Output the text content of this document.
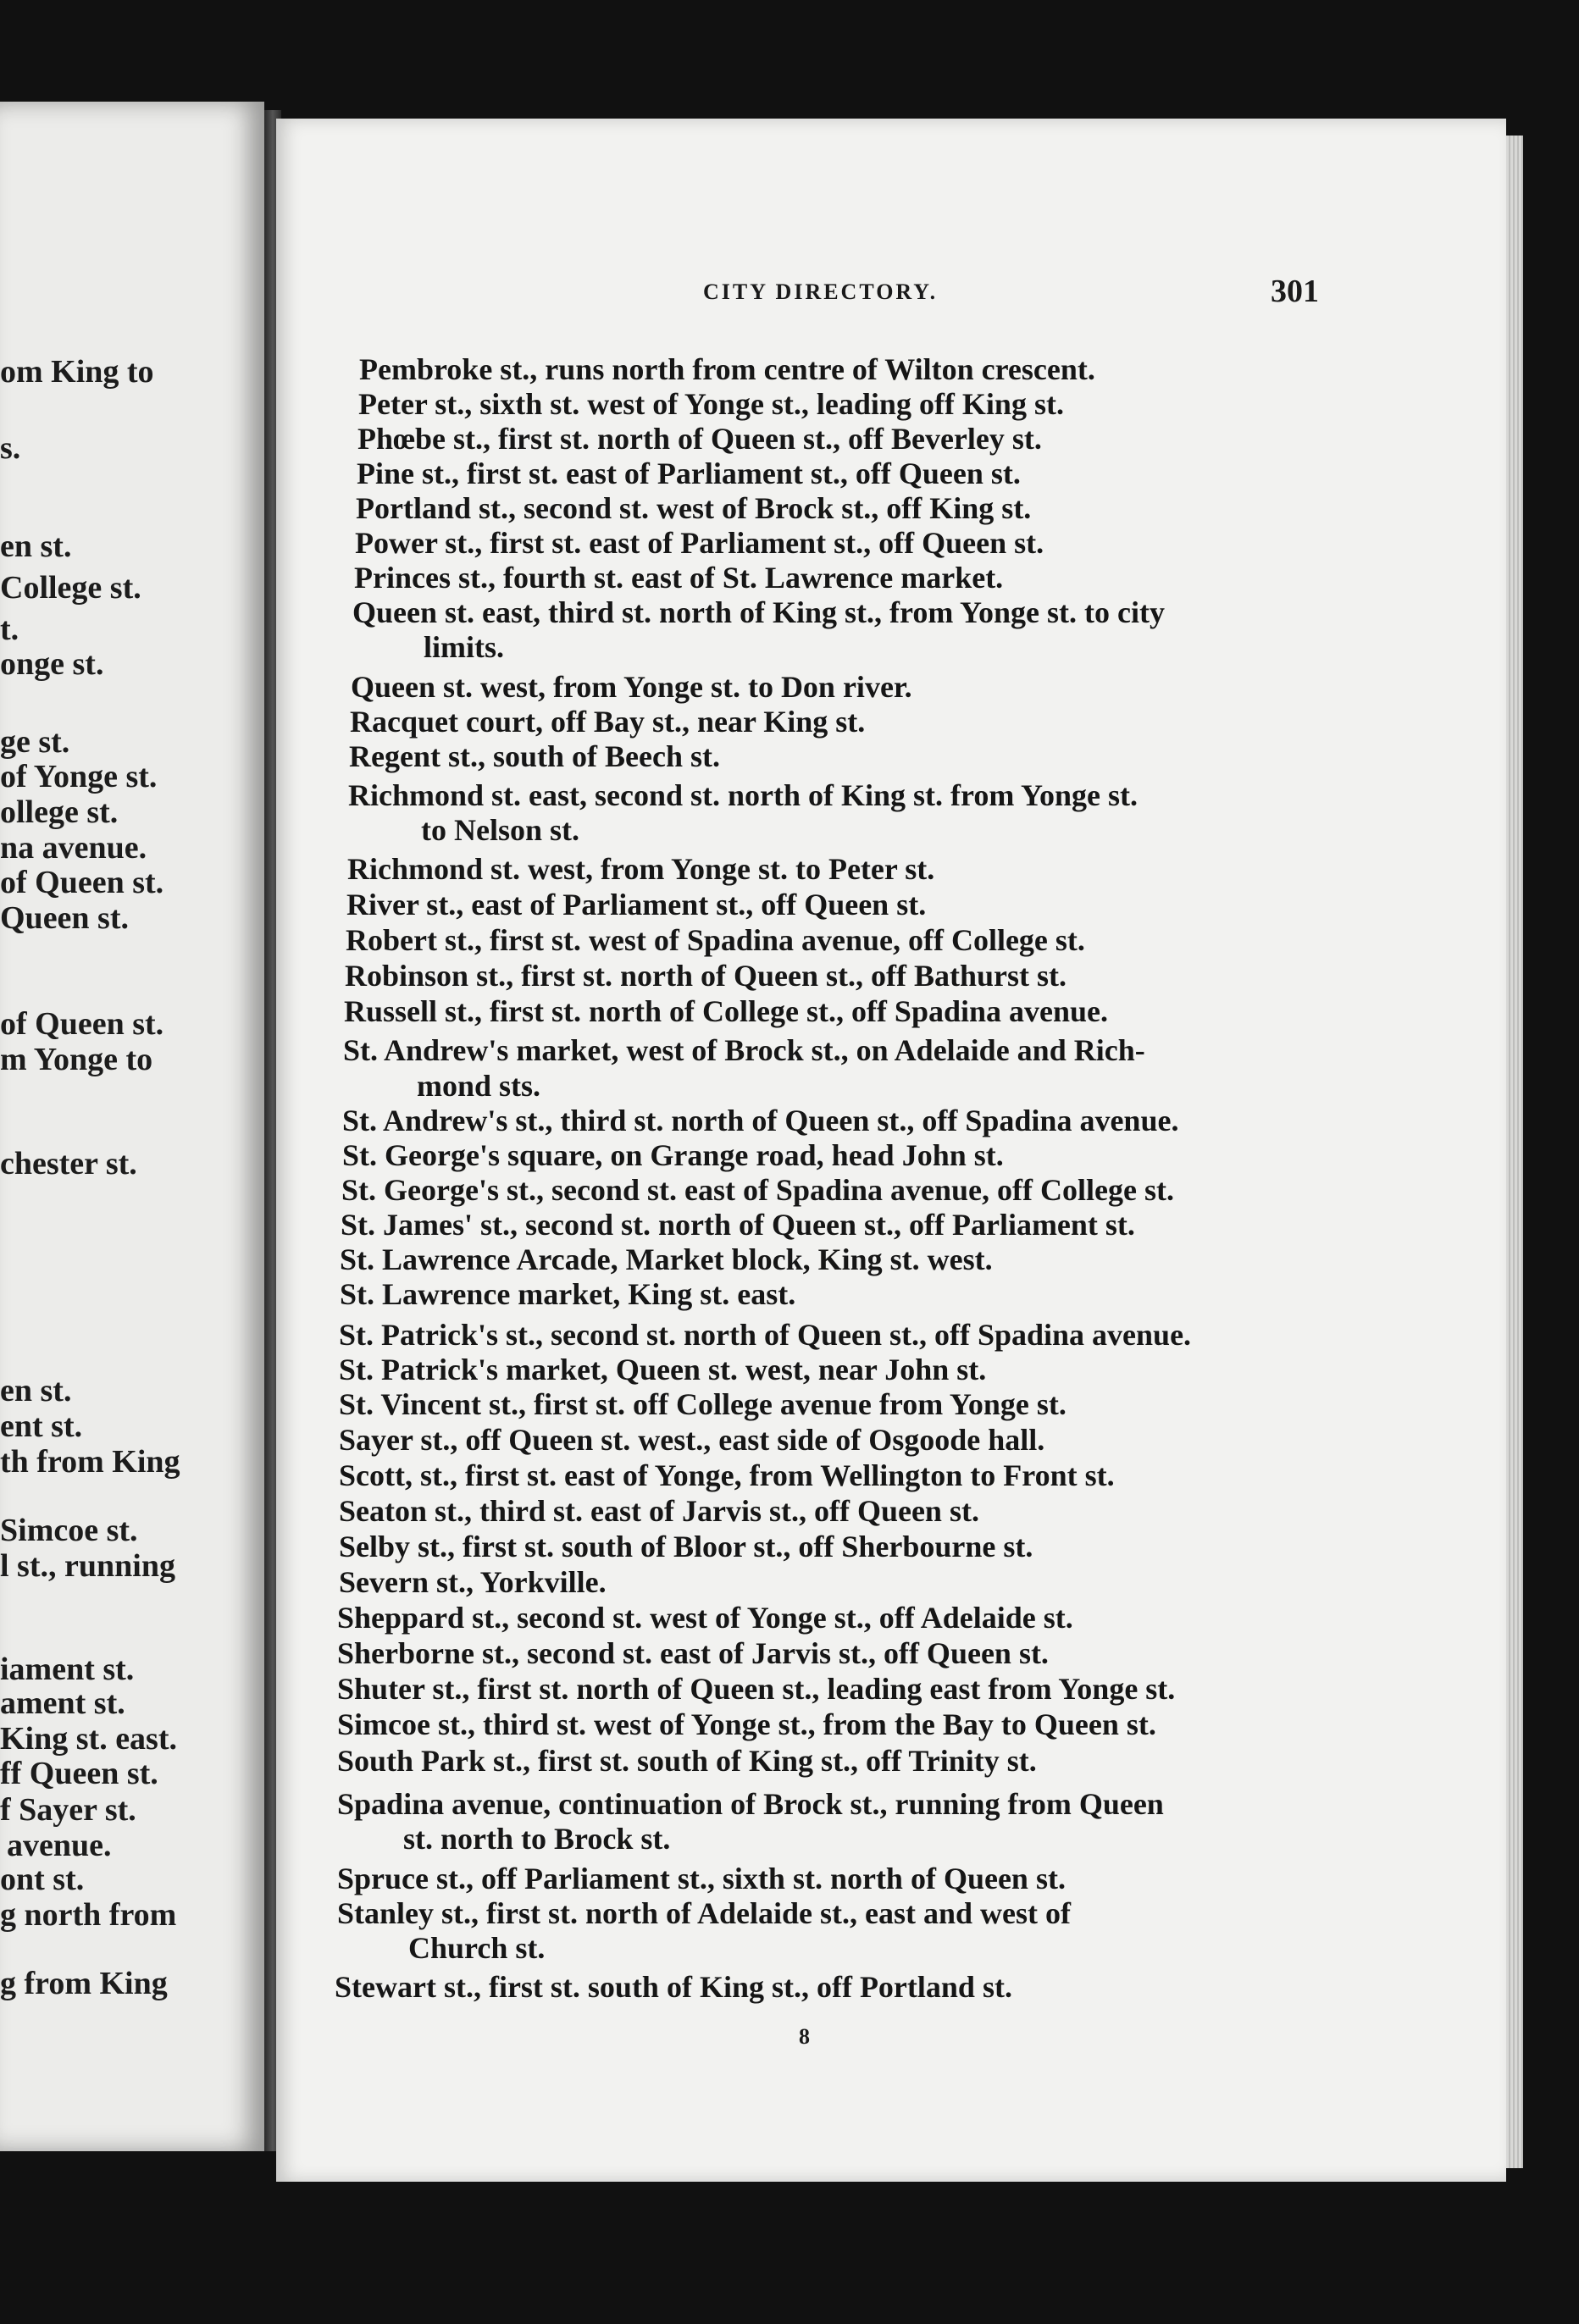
om King to
s.
en st.
College st.
t.
onge st.
ge st.
of Yonge st.
ollege st.
na avenue.
of Queen st.
Queen st.
of Queen st.
m Yonge to
chester st.
en st.
ent st.
th from King
Simcoe st.
l st., running
iament st.
ament st.
King st. east.
ff Queen st.
f Sayer st.
avenue.
ont st.
g north from
g from King
CITY DIRECTORY.	301
Pembroke st., runs north from centre of Wilton crescent.
Peter st., sixth st. west of Yonge st., leading off King st.
Phœbe st., first st. north of Queen st., off Beverley st.
Pine st., first st. east of Parliament st., off Queen st.
Portland st., second st. west of Brock st., off King st.
Power st., first st. east of Parliament st., off Queen st.
Princes st., fourth st. east of St. Lawrence market.
Queen st. east, third st. north of King st., from Yonge st. to city
limits.
Queen st. west, from Yonge st. to Don river.
Racquet court, off Bay st., near King st.
Regent st., south of Beech st.
Richmond st. east, second st. north of King st. from Yonge st.
to Nelson st.
Richmond st. west, from Yonge st. to Peter st.
River st., east of Parliament st., off Queen st.
Robert st., first st. west of Spadina avenue, off College st.
Robinson st., first st. north of Queen st., off Bathurst st.
Russell st., first st. north of College st., off Spadina avenue.
St. Andrew's market, west of Brock st., on Adelaide and Rich-
mond sts.
St. Andrew's st., third st. north of Queen st., off Spadina avenue.
St. George's square, on Grange road, head John st.
St. George's st., second st. east of Spadina avenue, off College st.
St. James' st., second st. north of Queen st., off Parliament st.
St. Lawrence Arcade, Market block, King st. west.
St. Lawrence market, King st. east.
St. Patrick's st., second st. north of Queen st., off Spadina avenue.
St. Patrick's market, Queen st. west, near John st.
St. Vincent st., first st. off College avenue from Yonge st.
Sayer st., off Queen st. west., east side of Osgoode hall.
Scott, st., first st. east of Yonge, from Wellington to Front st.
Seaton st., third st. east of Jarvis st., off Queen st.
Selby st., first st. south of Bloor st., off Sherbourne st.
Severn st., Yorkville.
Sheppard st., second st. west of Yonge st., off Adelaide st.
Sherborne st., second st. east of Jarvis st., off Queen st.
Shuter st., first st. north of Queen st., leading east from Yonge st.
Simcoe st., third st. west of Yonge st., from the Bay to Queen st.
South Park st., first st. south of King st., off Trinity st.
Spadina avenue, continuation of Brock st., running from Queen
st. north to Brock st.
Spruce st., off Parliament st., sixth st. north of Queen st.
Stanley st., first st. north of Adelaide st., east and west of
Church st.
Stewart st., first st. south of King st., off Portland st.
8
